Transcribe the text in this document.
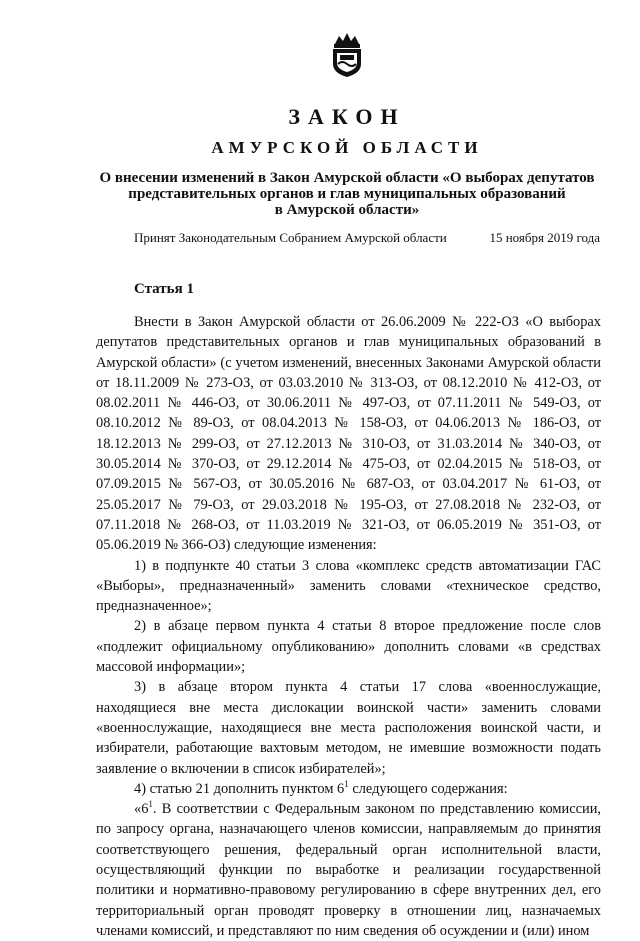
ЗАКОН
АМУРСКОЙ ОБЛАСТИ
О внесении изменений в Закон Амурской области «О выборах депутатов
представительных органов и глав муниципальных образований
в Амурской области»
Принят Законодательным Собранием Амурской области	15 ноября 2019 года
Статья 1

Внести в Закон Амурской области от 26.06.2009 № 222-ОЗ «О выборах депутатов представительных органов и глав муниципальных образований в Амурской области» (с учетом изменений, внесенных Законами Амурской области от 18.11.2009 № 273-ОЗ, от 03.03.2010 № 313-ОЗ, от 08.12.2010 № 412-ОЗ, от 08.02.2011 № 446-ОЗ, от 30.06.2011 № 497-ОЗ, от 07.11.2011 № 549-ОЗ, от 08.10.2012 № 89-ОЗ, от 08.04.2013 № 158-ОЗ, от 04.06.2013 № 186-ОЗ, от 18.12.2013 № 299-ОЗ, от 27.12.2013 № 310-ОЗ, от 31.03.2014 № 340-ОЗ, от 30.05.2014 № 370-ОЗ, от 29.12.2014 № 475-ОЗ, от 02.04.2015 № 518-ОЗ, от 07.09.2015 № 567-ОЗ, от 30.05.2016 № 687-ОЗ, от 03.04.2017 № 61-ОЗ, от 25.05.2017 № 79-ОЗ, от 29.03.2018 № 195-ОЗ, от 27.08.2018 № 232-ОЗ, от 07.11.2018 № 268-ОЗ, от 11.03.2019 № 321-ОЗ, от 06.05.2019 № 351-ОЗ, от 05.06.2019 № 366-ОЗ) следующие изменения:

1) в подпункте 40 статьи 3 слова «комплекс средств автоматизации ГАС «Выборы», предназначенный» заменить словами «техническое средство, предназначенное»;

2) в абзаце первом пункта 4 статьи 8 второе предложение после слов «подлежит официальному опубликованию» дополнить словами «в средствах массовой информации»;

3) в абзаце втором пункта 4 статьи 17 слова «военнослужащие, находящиеся вне места дислокации воинской части» заменить словами «военнослужащие, находящиеся вне места расположения воинской части, и избиратели, работающие вахтовым методом, не имевшие возможности подать заявление о включении в список избирателей»;

4) статью 21 дополнить пунктом $6^1$ следующего содержания:

«$6^1$. В соответствии с Федеральным законом по представлению комиссии, по запросу органа, назначающего членов комиссии, направляемым до принятия соответствующего решения, федеральный орган исполнительной власти, осуществляющий функции по выработке и реализации государственной политики и нормативно-правовому регулированию в сфере внутренних дел, его территориальный орган проводят проверку в отношении лиц, назначаемых членами комиссий, и представляют по ним сведения об осуждении и (или) ином
